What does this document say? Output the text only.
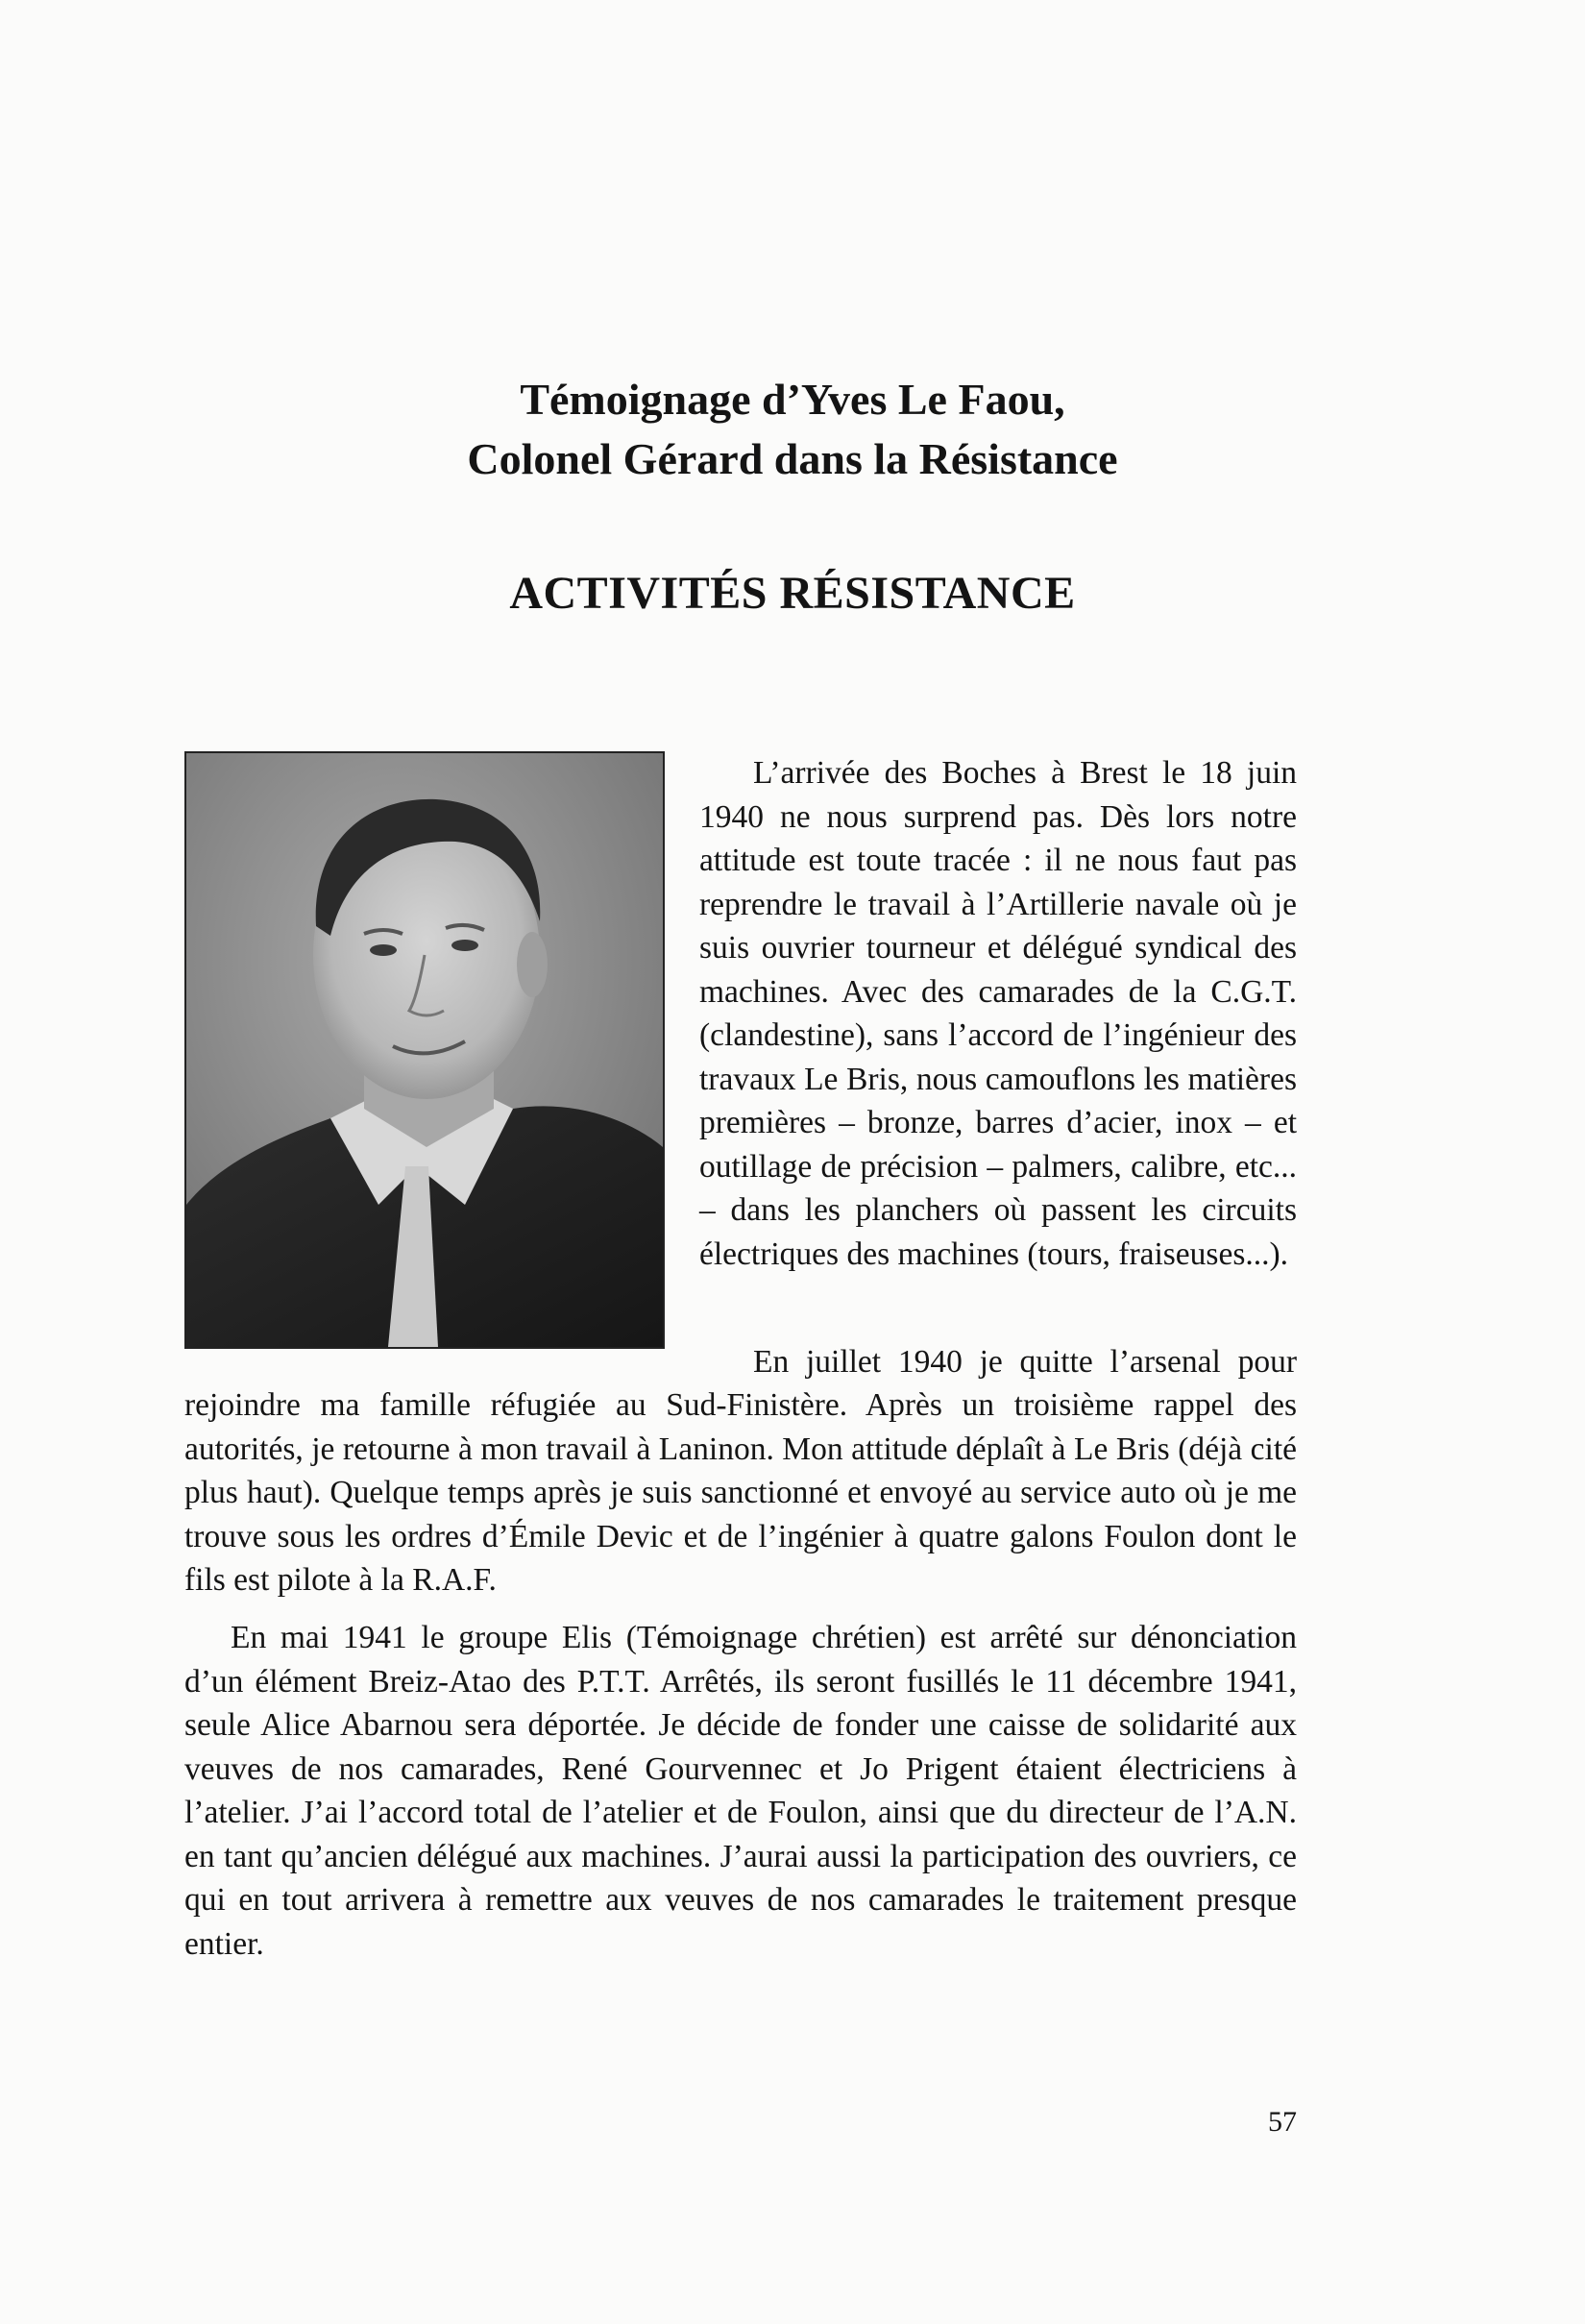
Témoignage d’Yves Le Faou,
Colonel Gérard dans la Résistance
ACTIVITÉS RÉSISTANCE

L’arrivée des Boches à Brest le 18 juin 1940 ne nous surprend pas. Dès lors notre attitude est toute tracée : il ne nous faut pas reprendre le travail à l’Artillerie navale où je suis ouvrier tourneur et délégué syndical des machines. Avec des camarades de la C.G.T. (clandestine), sans l’accord de l’ingénieur des travaux Le Bris, nous camouflons les matières premières – bronze, barres d’acier, inox – et outillage de précision – palmers, calibre, etc... – dans les planchers où passent les circuits électriques des machines (tours, fraiseuses...).

En juillet 1940 je quitte l’arsenal pour

rejoindre ma famille réfugiée au Sud-Finistère. Après un troisième rappel des autorités, je retourne à mon travail à Laninon. Mon attitude déplaît à Le Bris (déjà cité plus haut). Quelque temps après je suis sanctionné et envoyé au service auto où je me trouve sous les ordres d’Émile Devic et de l’ingénier à quatre galons Foulon dont le fils est pilote à la R.A.F.

En mai 1941 le groupe Elis (Témoignage chrétien) est arrêté sur dénonciation d’un élément Breiz-Atao des P.T.T. Arrêtés, ils seront fusillés le 11 décembre 1941, seule Alice Abarnou sera déportée. Je décide de fonder une caisse de solidarité aux veuves de nos camarades, René Gourvennec et Jo Prigent étaient électriciens à l’atelier. J’ai l’accord total de l’atelier et de Foulon, ainsi que du directeur de l’A.N. en tant qu’ancien délégué aux machines. J’aurai aussi la participation des ouvriers, ce qui en tout arrivera à remettre aux veuves de nos camarades le traitement presque entier.

57
